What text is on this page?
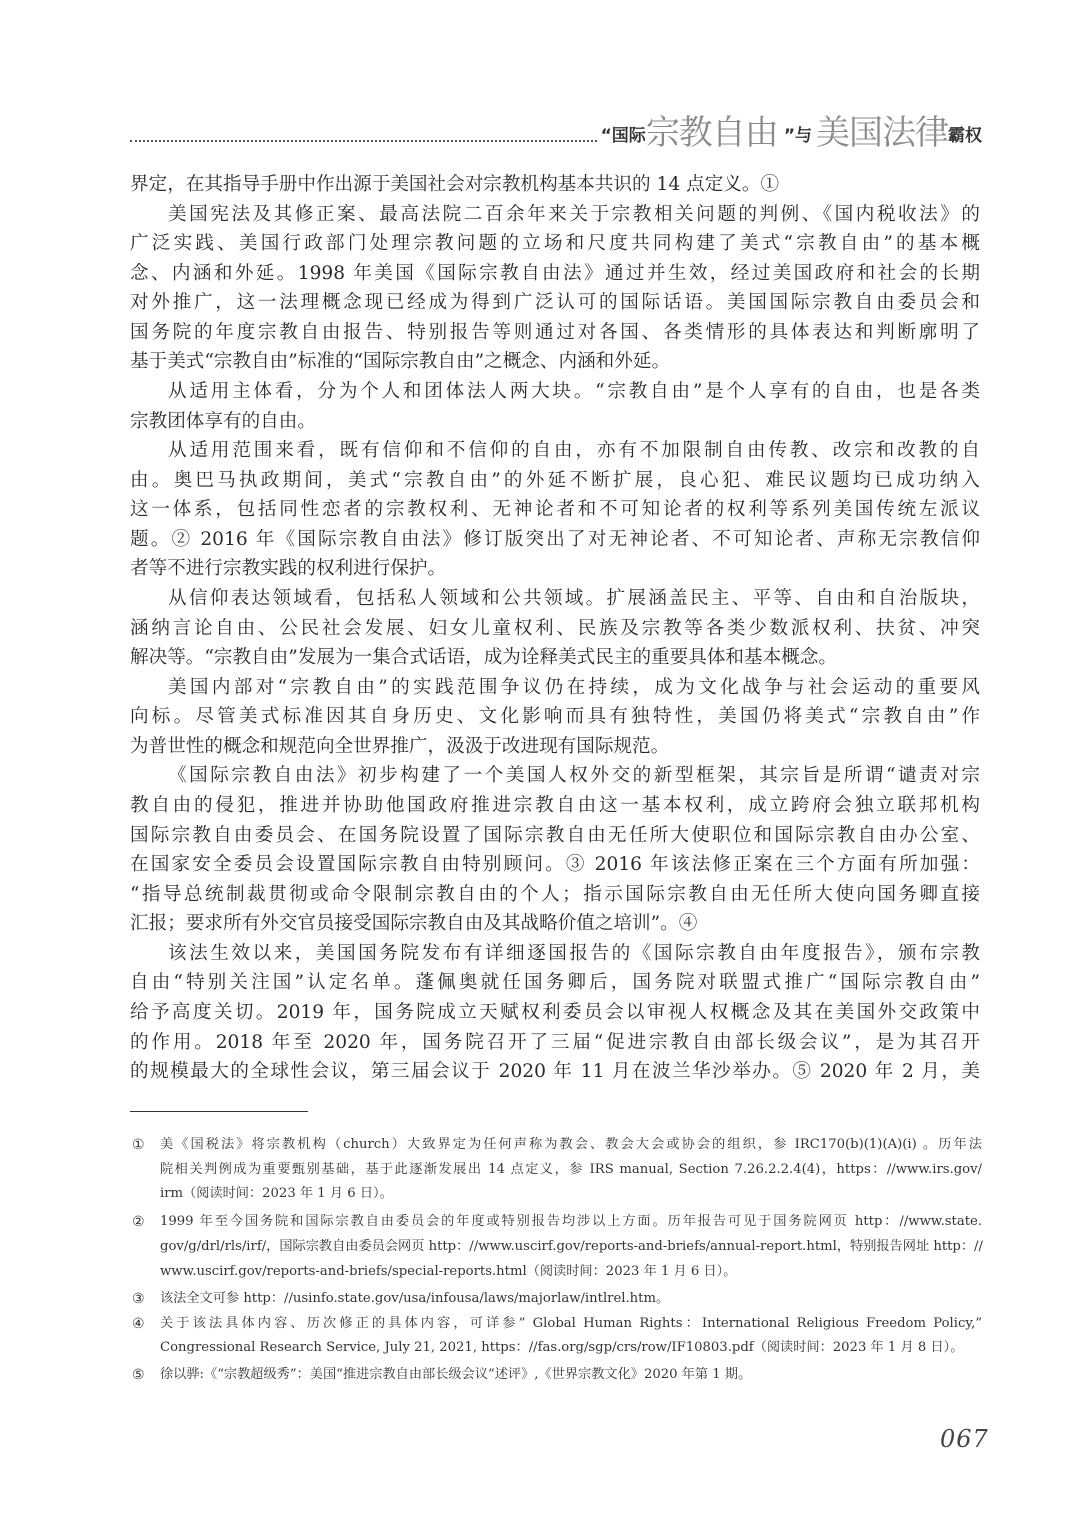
“国际 宗教自由 ”与 美国法律 霸权
界定，在其指导手册中作出源于美国社会对宗教机构基本共识的 14 点定义。①
美国宪法及其修正案、最高法院二百余年来关于宗教相关问题的判例、《国内税收法》的
广泛实践、美国行政部门处理宗教问题的立场和尺度共同构建了美式“宗教自由”的基本概
念、内涵和外延。1998 年美国《国际宗教自由法》通过并生效，经过美国政府和社会的长期
对外推广，这一法理概念现已经成为得到广泛认可的国际话语。美国国际宗教自由委员会和
国务院的年度宗教自由报告、特别报告等则通过对各国、各类情形的具体表达和判断廓明了
基于美式“宗教自由”标准的“国际宗教自由”之概念、内涵和外延。
从适用主体看，分为个人和团体法人两大块。“宗教自由”是个人享有的自由，也是各类
宗教团体享有的自由。
从适用范围来看，既有信仰和不信仰的自由，亦有不加限制自由传教、改宗和改教的自
由。奥巴马执政期间，美式“宗教自由”的外延不断扩展，良心犯、难民议题均已成功纳入
这一体系，包括同性恋者的宗教权利、无神论者和不可知论者的权利等系列美国传统左派议
题。② 2016 年《国际宗教自由法》修订版突出了对无神论者、不可知论者、声称无宗教信仰
者等不进行宗教实践的权利进行保护。
从信仰表达领域看，包括私人领域和公共领域。扩展涵盖民主、平等、自由和自治版块，
涵纳言论自由、公民社会发展、妇女儿童权利、民族及宗教等各类少数派权利、扶贫、冲突
解决等。“宗教自由”发展为一集合式话语，成为诠释美式民主的重要具体和基本概念。
美国内部对“宗教自由”的实践范围争议仍在持续，成为文化战争与社会运动的重要风
向标。尽管美式标准因其自身历史、文化影响而具有独特性，美国仍将美式“宗教自由”作
为普世性的概念和规范向全世界推广，汲汲于改进现有国际规范。
《国际宗教自由法》初步构建了一个美国人权外交的新型框架，其宗旨是所谓“谴责对宗
教自由的侵犯，推进并协助他国政府推进宗教自由这一基本权利，成立跨府会独立联邦机构
国际宗教自由委员会、在国务院设置了国际宗教自由无任所大使职位和国际宗教自由办公室、
在国家安全委员会设置国际宗教自由特别顾问。③ 2016 年该法修正案在三个方面有所加强：
“指导总统制裁贯彻或命令限制宗教自由的个人；指示国际宗教自由无任所大使向国务卿直接
汇报；要求所有外交官员接受国际宗教自由及其战略价值之培训”。④
该法生效以来，美国国务院发布有详细逐国报告的《国际宗教自由年度报告》，颁布宗教
自由“特别关注国”认定名单。蓬佩奥就任国务卿后，国务院对联盟式推广“国际宗教自由”
给予高度关切。2019 年，国务院成立天赋权利委员会以审视人权概念及其在美国外交政策中
的作用。2018 年至 2020 年，国务院召开了三届“促进宗教自由部长级会议”，是为其召开
的规模最大的全球性会议，第三届会议于 2020 年 11 月在波兰华沙举办。⑤ 2020 年 2 月，美
① 美《国税法》将宗教机构（church）大致界定为任何声称为教会、教会大会或协会的组织，参 IRC170(b)(1)(A)(i) 。历年法
院相关判例成为重要甄别基础，基于此逐渐发展出 14 点定义，参 IRS manual, Section 7.26.2.2.4(4)，https：//www.irs.gov/
irm（阅读时间：2023 年 1 月 6 日）。
② 1999 年至今国务院和国际宗教自由委员会的年度或特别报告均涉以上方面。历年报告可见于国务院网页 http：//www.state.
gov/g/drl/rls/irf/，国际宗教自由委员会网页 http：//www.uscirf.gov/reports-and-briefs/annual-report.html，特别报告网址 http：//
www.uscirf.gov/reports-and-briefs/special-reports.html（阅读时间：2023 年 1 月 6 日）。
③ 该法全文可参 http：//usinfo.state.gov/usa/infousa/laws/majorlaw/intlrel.htm。
④ 关于该法具体内容、历次修正的具体内容，可详参” Global Human Rights：International Religious Freedom Policy,”
Congressional Research Service, July 21, 2021, https：//fas.org/sgp/crs/row/IF10803.pdf（阅读时间：2023 年 1 月 8 日）。
⑤ 徐以骅:《“宗教超级秀”：美国“推进宗教自由部长级会议”述评》,《世界宗教文化》2020 年第 1 期。
067
